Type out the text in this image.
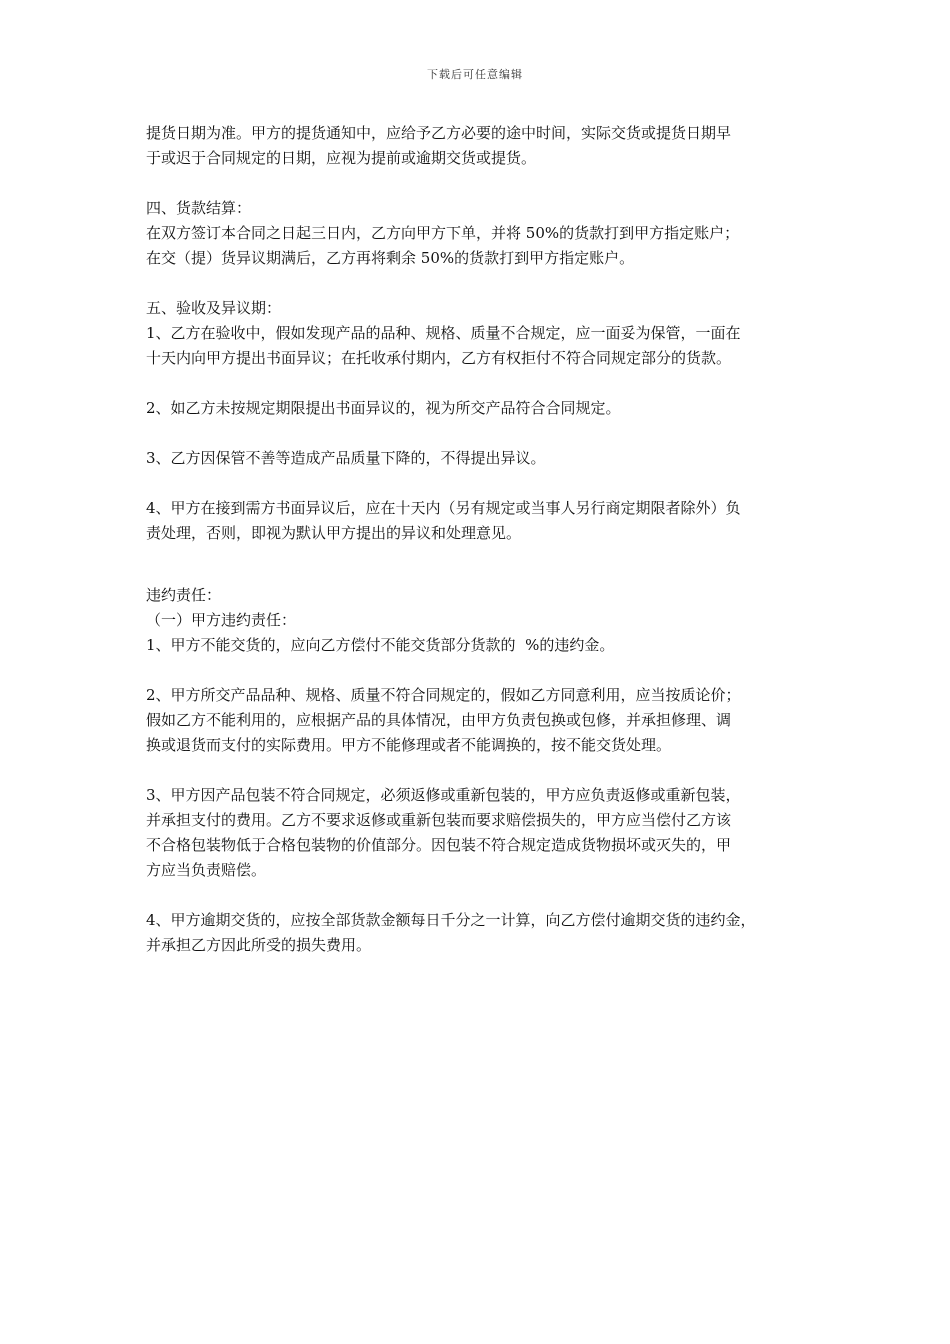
下载后可任意编辑
提货日期为准。甲方的提货通知中，应给予乙方必要的途中时间，实际交货或提货日期早
于或迟于合同规定的日期，应视为提前或逾期交货或提货。
四、货款结算：
在双方签订本合同之日起三日内，乙方向甲方下单，并将 50%的货款打到甲方指定账户；
在交（提）货异议期满后，乙方再将剩余 50%的货款打到甲方指定账户。
五、验收及异议期：
1、乙方在验收中，假如发现产品的品种、规格、质量不合规定，应一面妥为保管，一面在
十天内向甲方提出书面异议；在托收承付期内，乙方有权拒付不符合同规定部分的货款。
2、如乙方未按规定期限提出书面异议的，视为所交产品符合合同规定。
3、乙方因保管不善等造成产品质量下降的，不得提出异议。
4、甲方在接到需方书面异议后，应在十天内（另有规定或当事人另行商定期限者除外）负
责处理，否则，即视为默认甲方提出的异议和处理意见。
违约责任：
（一）甲方违约责任：
1、甲方不能交货的，应向乙方偿付不能交货部分货款的  %的违约金。
2、甲方所交产品品种、规格、质量不符合同规定的，假如乙方同意利用，应当按质论价；
假如乙方不能利用的，应根据产品的具体情况，由甲方负责包换或包修，并承担修理、调
换或退货而支付的实际费用。甲方不能修理或者不能调换的，按不能交货处理。
3、甲方因产品包装不符合同规定，必须返修或重新包装的，甲方应负责返修或重新包装，
并承担支付的费用。乙方不要求返修或重新包装而要求赔偿损失的，甲方应当偿付乙方该
不合格包装物低于合格包装物的价值部分。因包装不符合规定造成货物损坏或灭失的，甲
方应当负责赔偿。
4、甲方逾期交货的，应按全部货款金额每日千分之一计算，向乙方偿付逾期交货的违约金，
并承担乙方因此所受的损失费用。
